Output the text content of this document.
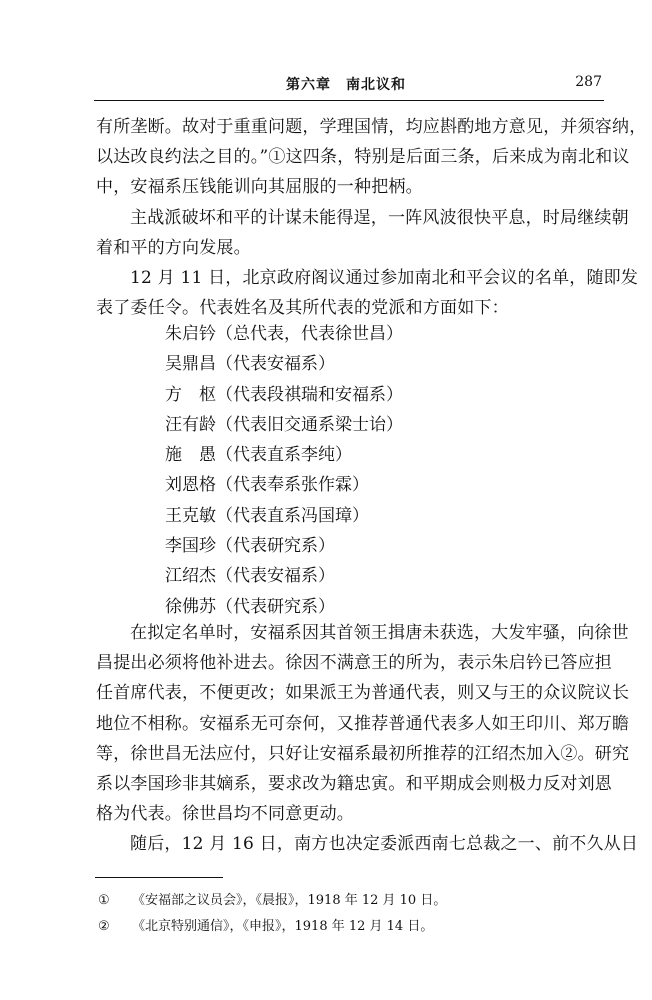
第六章　南北议和	287
有所垄断。故对于重重问题，学理国情，均应斟酌地方意见，并须容纳，
以达改良约法之目的。”①这四条，特别是后面三条，后来成为南北和议
中，安福系压钱能训向其屈服的一种把柄。
主战派破坏和平的计谋未能得逞，一阵风波很快平息，时局继续朝
着和平的方向发展。
12 月 11 日，北京政府阁议通过参加南北和平会议的名单，随即发
表了委任令。代表姓名及其所代表的党派和方面如下：
朱启钤（总代表，代表徐世昌）
吴鼎昌（代表安福系）
方　枢（代表段祺瑞和安福系）
汪有龄（代表旧交通系梁士诒）
施　愚（代表直系李纯）
刘恩格（代表奉系张作霖）
王克敏（代表直系冯国璋）
李国珍（代表研究系）
江绍杰（代表安福系）
徐佛苏（代表研究系）
在拟定名单时，安福系因其首领王揖唐未获选，大发牢骚，向徐世
昌提出必须将他补进去。徐因不满意王的所为，表示朱启钤已答应担
任首席代表，不便更改；如果派王为普通代表，则又与王的众议院议长
地位不相称。安福系无可奈何，又推荐普通代表多人如王印川、郑万瞻
等，徐世昌无法应付，只好让安福系最初所推荐的江绍杰加入②。研究
系以李国珍非其嫡系，要求改为籍忠寅。和平期成会则极力反对刘恩
格为代表。徐世昌均不同意更动。
随后，12 月 16 日，南方也决定委派西南七总裁之一、前不久从日
① 《安福部之议员会》，《晨报》，1918 年 12 月 10 日。
② 《北京特别通信》，《申报》，1918 年 12 月 14 日。
